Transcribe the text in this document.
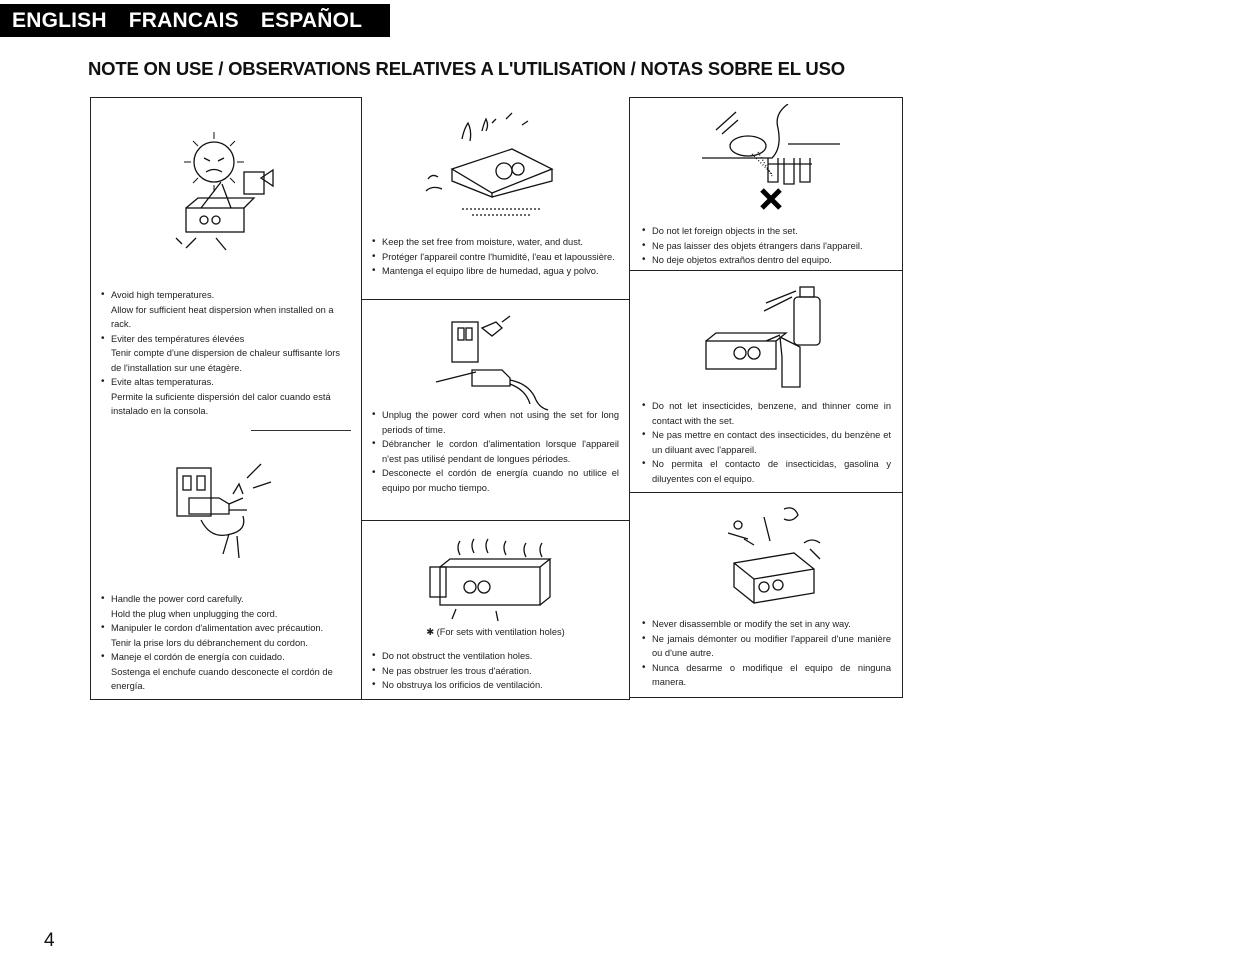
ENGLISH FRANCAIS ESPAÑOL
NOTE ON USE / OBSERVATIONS RELATIVES A L'UTILISATION / NOTAS SOBRE EL USO
• Avoid high temperatures.
Allow for sufficient heat dispersion when installed on a rack.
• Eviter des températures élevées
Tenir compte d'une dispersion de chaleur suffisante lors de l'installation sur une étagère.
• Evite altas temperaturas.
Permite la suficiente dispersión del calor cuando está instalado en la consola.
• Handle the power cord carefully.
Hold the plug when unplugging the cord.
• Manipuler le cordon d'alimentation avec précaution.
Tenir la prise lors du débranchement du cordon.
• Maneje el cordón de energía con cuidado.
Sostenga el enchufe cuando desconecte el cordón de energía.
• Keep the set free from moisture, water, and dust.
• Protéger l'appareil contre l'humidité, l'eau et lapoussière.
• Mantenga el equipo libre de humedad, agua y polvo.
• Unplug the power cord when not using the set for long periods of time.
• Débrancher le cordon d'alimentation lorsque l'appareil n'est pas utilisé pendant de longues périodes.
• Desconecte el cordón de energía cuando no utilice el equipo por mucho tiempo.
✱ (For sets with ventilation holes)
• Do not obstruct the ventilation holes.
• Ne pas obstruer les trous d'aération.
• No obstruya los orificios de ventilación.
• Do not let foreign objects in the set.
• Ne pas laisser des objets étrangers dans l'appareil.
• No deje objetos extraños dentro del equipo.
• Do not let insecticides, benzene, and thinner come in contact with the set.
• Ne pas mettre en contact des insecticides, du benzène et un diluant avec l'appareil.
• No permita el contacto de insecticidas, gasolina y diluyentes con el equipo.
• Never disassemble or modify the set in any way.
• Ne jamais démonter ou modifier l'appareil d'une manière ou d'une autre.
• Nunca desarme o modifique el equipo de ninguna manera.
4
